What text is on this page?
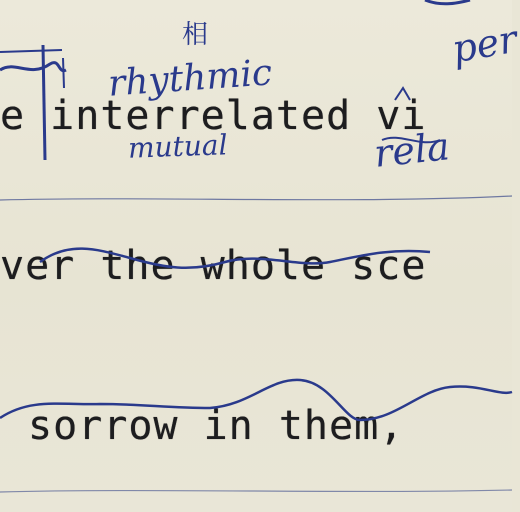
e interrelated vi
ver the whole sce
sorrow in them,
相
rhythmic
mutual	rela
per
